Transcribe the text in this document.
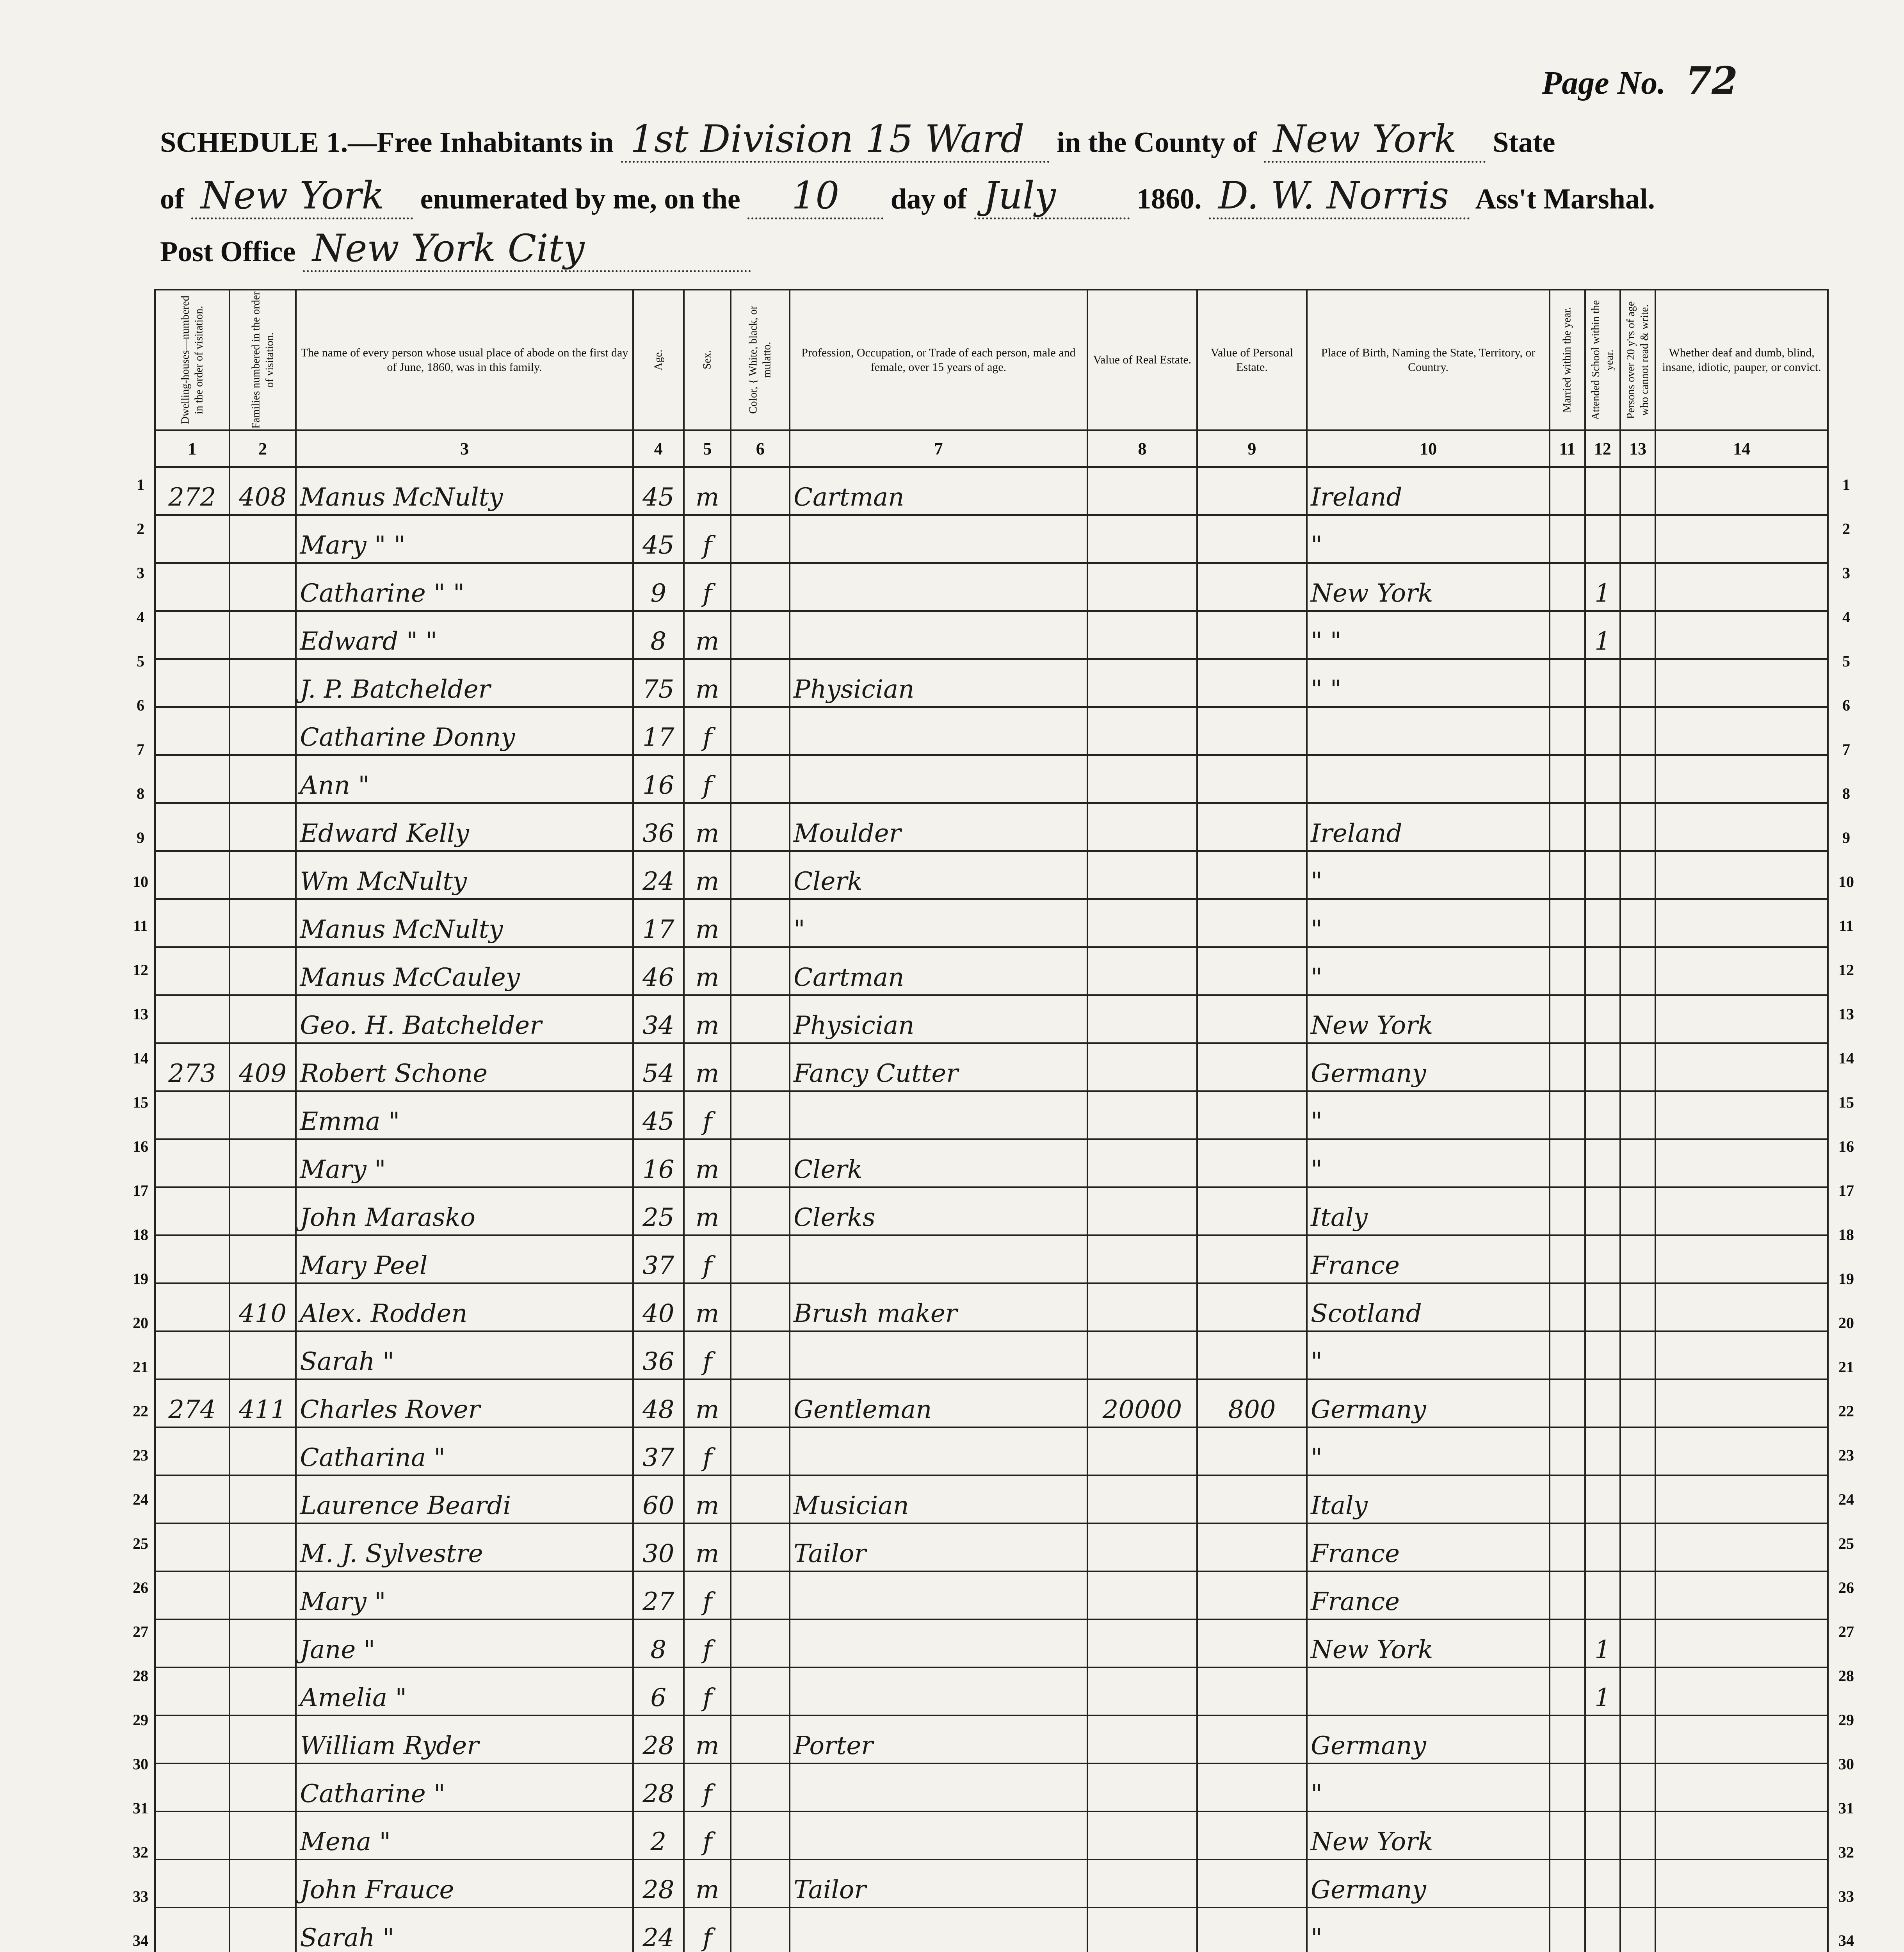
Page No. 72
SCHEDULE 1.—Free Inhabitants in 1st Division 15 Ward in the County of New York State
of New York enumerated by me, on the 10 day of July	1860. D. W. Norris Ass't Marshal.
Post Office New York City
Dwelling-houses—numbered in the order of visitation.	Families numbered in the order of visitation.	The name of every person whose usual place of abode on the first day of June, 1860, was in this family.	Age.	Sex.	Color, { White, black, or mulatto.	Profession, Occupation, or Trade of each person, male and female, over 15 years of age.	Value of Real Estate.	Value of Personal Estate.	Place of Birth, Naming the State, Territory, or Country.	Married within the year.	Attended School within the year.	Persons over 20 y'rs of age who cannot read & write.	Whether deaf and dumb, blind, insane, idiotic, pauper, or convict.
1	2	3	4	5	6	7	8	9	10	11	12	13	14
272	408	Manus McNulty	45	m		Cartman			Ireland				
		Mary " "	45	f					"				
		Catharine " "	9	f					New York		1		
		Edward " "	8	m					" "		1		
		J. P. Batchelder	75	m		Physician			" "				
		Catharine Donny	17	f									
		Ann "	16	f									
		Edward Kelly	36	m		Moulder			Ireland				
		Wm McNulty	24	m		Clerk			"				
		Manus McNulty	17	m		"			"				
		Manus McCauley	46	m		Cartman			"				
		Geo. H. Batchelder	34	m		Physician			New York				
273	409	Robert Schone	54	m		Fancy Cutter			Germany				
		Emma "	45	f					"				
		Mary "	16	m		Clerk			"				
		John Marasko	25	m		Clerks			Italy				
		Mary Peel	37	f					France				
	410	Alex. Rodden	40	m		Brush maker			Scotland				
		Sarah "	36	f					"				
274	411	Charles Rover	48	m		Gentleman	20000	800	Germany				
		Catharina "	37	f					"				
		Laurence Beardi	60	m		Musician			Italy				
		M. J. Sylvestre	30	m		Tailor			France				
		Mary "	27	f					France				
		Jane "	8	f					New York		1		
		Amelia "	6	f							1		
		William Ryder	28	m		Porter			Germany				
		Catharine "	28	f					"				
		Mena "	2	f					New York				
		John Frauce	28	m		Tailor			Germany				
		Sarah "	24	f					"				

1	1
2	2
3	3
4	4
5	5
6	6
7	7
8	8
9	9
10	10
11	11
12	12
13	13
14	14
15	15
16	16
17	17
18	18
19	19
20	20
21	21
22	22
23	23
24	24
25	25
26	26
27	27
28	28
29	29
30	30
31	31
32	32
33	33
34	34
